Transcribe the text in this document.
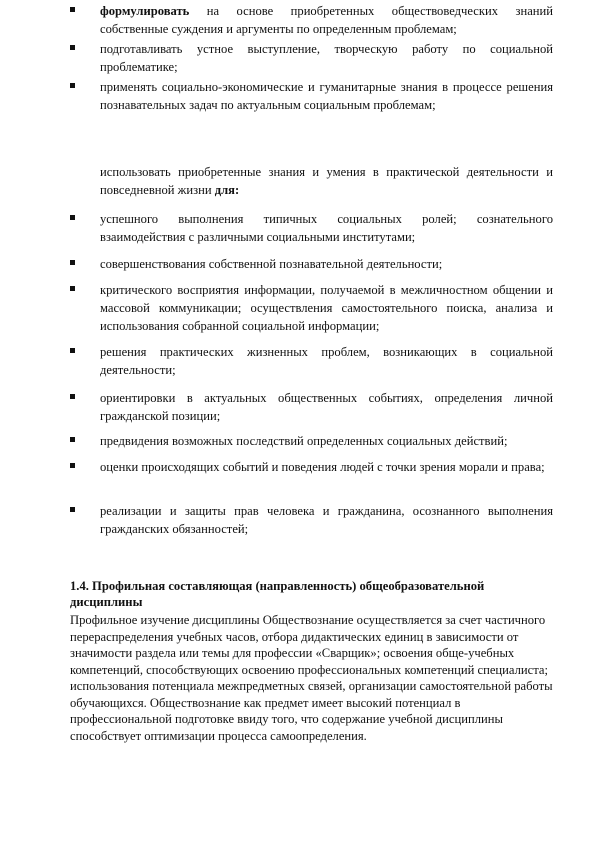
формулировать на основе приобретенных обществоведческих знаний собственные суждения и аргументы по определенным проблемам;
подготавливать устное выступление, творческую работу по социальной проблематике;
применять социально-экономические и гуманитарные знания в процессе решения познавательных задач по актуальным социальным проблемам;
использовать приобретенные знания и умения в практической деятельности и повседневной жизни для:
успешного выполнения типичных социальных ролей; сознательного взаимодействия с различными социальными институтами;
совершенствования собственной познавательной деятельности;
критического восприятия информации, получаемой в межличностном общении и массовой коммуникации; осуществления самостоятельного поиска, анализа и использования собранной социальной информации;
решения практических жизненных проблем, возникающих в социальной деятельности;
ориентировки в актуальных общественных событиях, определения личной гражданской позиции;
предвидения возможных последствий определенных социальных действий;
оценки происходящих событий и поведения людей с точки зрения морали и права;
реализации и защиты прав человека и гражданина, осознанного выполнения гражданских обязанностей;
1.4. Профильная составляющая (направленность) общеобразовательной дисциплины
Профильное изучение дисциплины Обществознание осуществляется за счет частичного перераспределения учебных часов, отбора дидактических единиц в зависимости от значимости раздела или темы для профессии «Сварщик»; освоения обще-учебных компетенций, способствующих освоению профессиональных компетенций специалиста; использования потенциала межпредметных связей, организации самостоятельной работы обучающихся. Обществознание как предмет имеет высокий потенциал в профессиональной подготовке ввиду того, что содержание учебной дисциплины способствует оптимизации процесса самоопределения.
